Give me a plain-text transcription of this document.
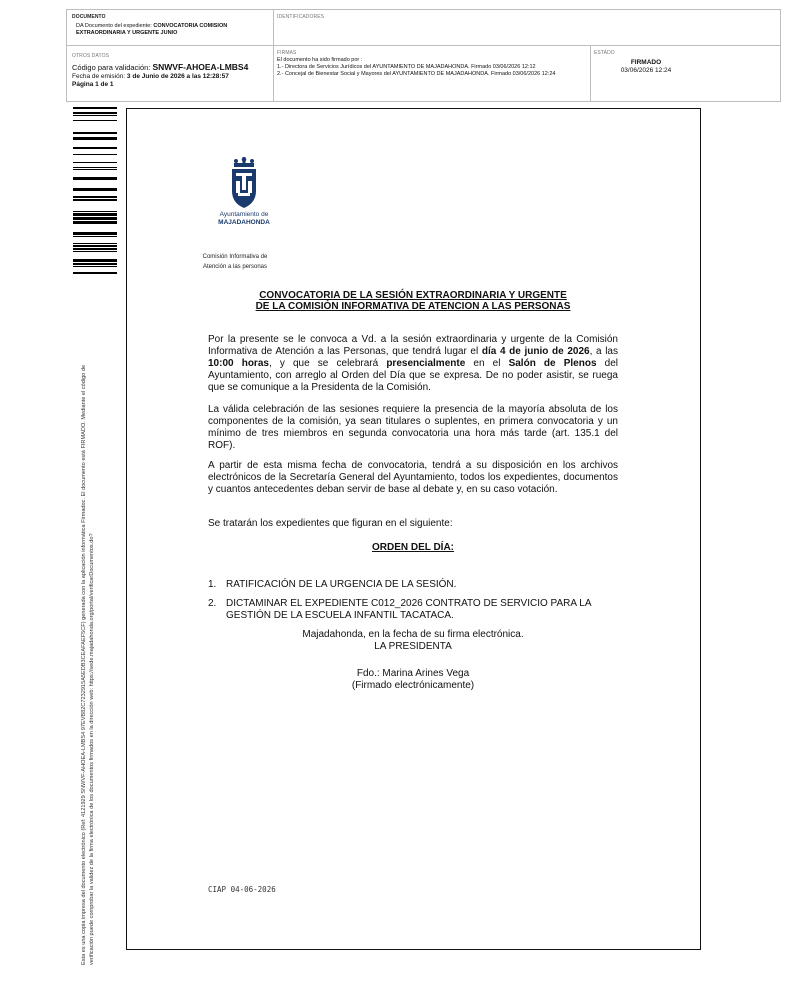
DOCUMENTO
DA Documento del expediente: CONVOCATORIA COMISION EXTRAORDINARIA Y URGENTE JUNIO
IDENTIFICADORES
OTROS DATOS
Código para validación: SNWVF-AHOEA-LMBS4
Fecha de emisión: 3 de Junio de 2026 a las 12:28:57
Página 1 de 1
FIRMAS
El documento ha sido firmado por :
1.- Directora de Servicios Jurídicos del AYUNTAMIENTO DE MAJADAHONDA. Firmado 03/06/2026 12:12
2.- Concejal de Bienestar Social y Mayores del AYUNTAMIENTO DE MAJADAHONDA. Firmado 03/06/2026 12:24
ESTADO
FIRMADO
03/06/2026 12:24
Esta es una copia impresa del documento electrónico (Ref: 4121929 SNWVF-AHOEA-LMBS4 97EVB82C7232915A5EDB3CEAFAEF5CF) generada con la aplicación informática Firmadoc. El documento está FIRMADO. Mediante el código de verificación puede comprobar la validez de la firma electrónica de los documentos firmados en la dirección web: https://sede.majadahonda.org/portal/verificarDocumentos.do?
Ayuntamiento de
MAJADAHONDA
Comisión Informativa de
Atención a las personas
CONVOCATORIA DE LA SESIÓN EXTRAORDINARIA Y URGENTE
DE LA COMISIÓN INFORMATIVA DE ATENCION A LAS PERSONAS
Por la presente se le convoca a Vd. a la sesión extraordinaria y urgente de la Comisión Informativa de Atención a las Personas, que tendrá lugar el día 4 de junio de 2026, a las 10:00 horas, y que se celebrará presencialmente en el Salón de Plenos del Ayuntamiento, con arreglo al Orden del Día que se expresa. De no poder asistir, se ruega que se comunique a la Presidenta de la Comisión.
La válida celebración de las sesiones requiere la presencia de la mayoría absoluta de los componentes de la comisión, ya sean titulares o suplentes, en primera convocatoria y un mínimo de tres miembros en segunda convocatoria una hora más tarde (art. 135.1 del ROF).
A partir de esta misma fecha de convocatoria, tendrá a su disposición en los archivos electrónicos de la Secretaría General del Ayuntamiento, todos los expedientes, documentos y cuantos antecedentes deban servir de base al debate y, en su caso votación.
Se tratarán los expedientes que figuran en el siguiente:
ORDEN DEL DÍA:
1. RATIFICACIÓN DE LA URGENCIA DE LA SESIÓN.
2. DICTAMINAR EL EXPEDIENTE C012_2026 CONTRATO DE SERVICIO PARA LA GESTIÓN DE LA ESCUELA INFANTIL TACATACA.
Majadahonda, en la fecha de su firma electrónica.
LA PRESIDENTA
Fdo.: Marina Arines Vega
(Firmado electrónicamente)
CIAP 04-06-2026
